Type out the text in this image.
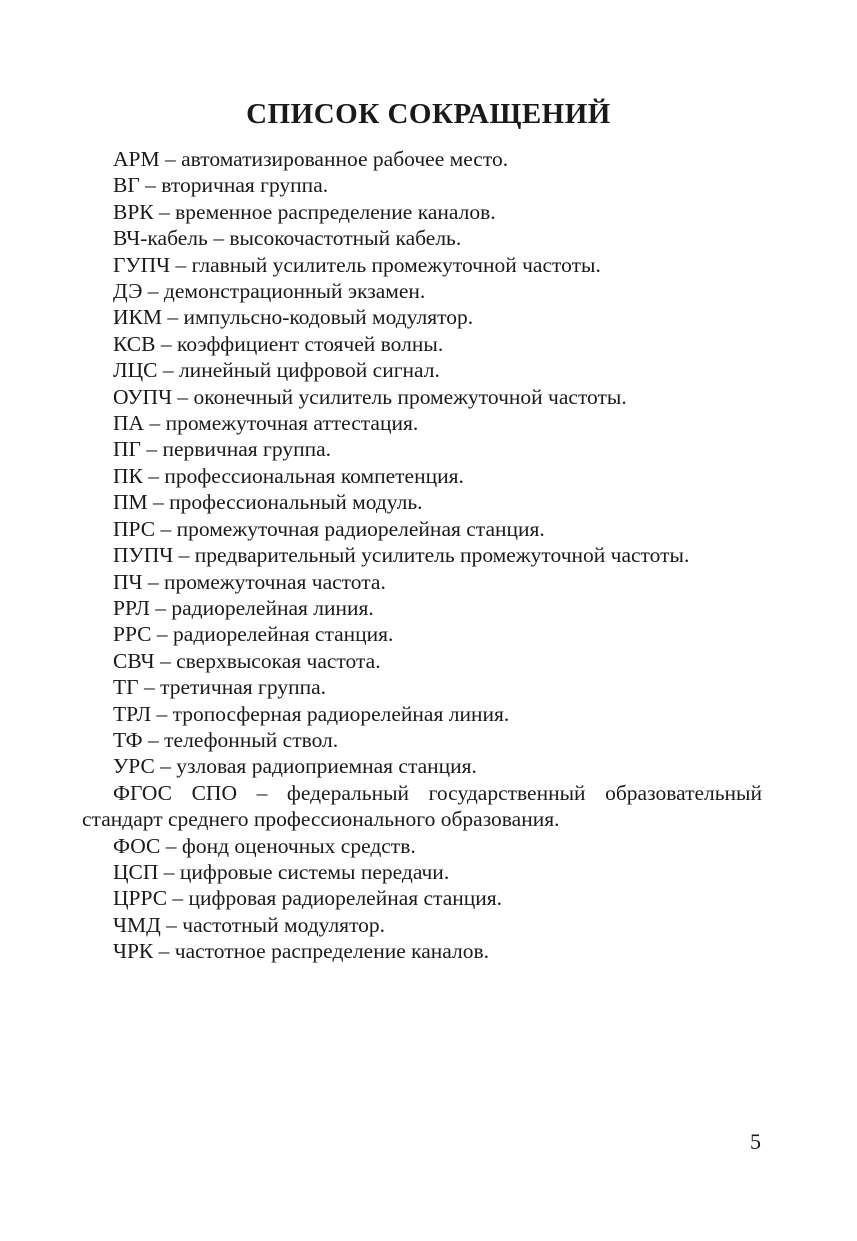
СПИСОК СОКРАЩЕНИЙ
АРМ – автоматизированное рабочее место.
ВГ – вторичная группа.
ВРК – временное распределение каналов.
ВЧ-кабель – высокочастотный кабель.
ГУПЧ – главный усилитель промежуточной частоты.
ДЭ – демонстрационный экзамен.
ИКМ – импульсно-кодовый модулятор.
КСВ – коэффициент стоячей волны.
ЛЦС – линейный цифровой сигнал.
ОУПЧ – оконечный усилитель промежуточной частоты.
ПА – промежуточная аттестация.
ПГ – первичная группа.
ПК – профессиональная компетенция.
ПМ – профессиональный модуль.
ПРС – промежуточная радиорелейная станция.
ПУПЧ – предварительный усилитель промежуточной частоты.
ПЧ – промежуточная частота.
РРЛ – радиорелейная линия.
РРС – радиорелейная станция.
СВЧ – сверхвысокая частота.
ТГ – третичная группа.
ТРЛ – тропосферная радиорелейная линия.
ТФ – телефонный ствол.
УРС – узловая радиоприемная станция.
ФГОС СПО – федеральный государственный образовательный стандарт среднего профессионального образования.
ФОС – фонд оценочных средств.
ЦСП – цифровые системы передачи.
ЦРРС – цифровая радиорелейная станция.
ЧМД – частотный модулятор.
ЧРК – частотное распределение каналов.
5
